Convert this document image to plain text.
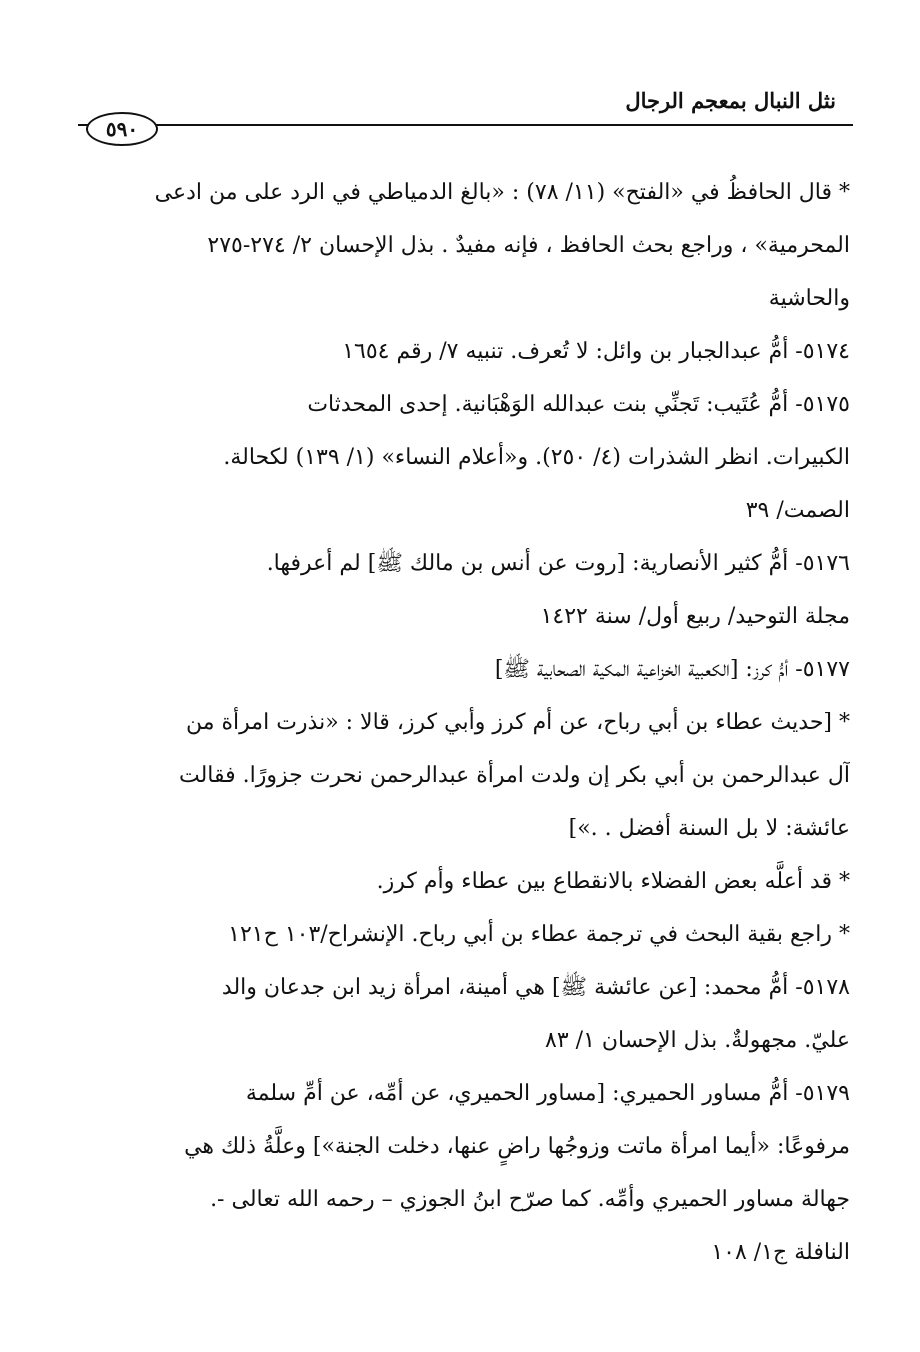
نثل النبال بمعجم الرجال
٥٩٠
* قال الحافظُ في «الفتح» (١١/ ٧٨) : «بالغ الدمياطي في الرد على من ادعى
المحرمية» ، وراجع بحث الحافظ ، فإنه مفيدٌ . بذل الإحسان ٢/ ٢٧٤-٢٧٥
والحاشية
٥١٧٤- أمُّ عبدالجبار بن وائل: لا تُعرف. تنبيه ٧/ رقم ١٦٥٤
٥١٧٥- أمُّ عُتَيب: تَجنِّي بنت عبدالله الوَهْبَانية. إحدى المحدثات
الكبيرات. انظر الشذرات (٤/ ٢٥٠). و«أعلام النساء» (١/ ١٣٩) لكحالة.
الصمت/ ٣٩
٥١٧٦- أمُّ كثير الأنصارية: [روت عن أنس بن مالك ﷺ] لم أعرفها.
مجلة التوحيد/ ربيع أول/ سنة ١٤٢٢
٥١٧٧- أمُّ كرز: [الكعبية الخزاعية المكية الصحابية ﷺ]
* [حديث عطاء بن أبي رباح، عن أم كرز وأبي كرز، قالا : «نذرت امرأة من
آل عبدالرحمن بن أبي بكر إن ولدت امرأة عبدالرحمن نحرت جزورًا. فقالت
عائشة: لا بل السنة أفضل . .»]
* قد أعلَّه بعض الفضلاء بالانقطاع بين عطاء وأم كرز.
* راجع بقية البحث في ترجمة عطاء بن أبي رباح. الإنشراح/١٠٣ ح١٢١
٥١٧٨- أمُّ محمد: [عن عائشة ﷺ] هي أمينة، امرأة زيد ابن جدعان والد
عليّ. مجهولةٌ. بذل الإحسان ١/ ٨٣
٥١٧٩- أمُّ مساور الحميري: [مساور الحميري، عن أمِّه، عن أمِّ سلمة
مرفوعًا: «أيما امرأة ماتت وزوجُها راضٍ عنها، دخلت الجنة»] وعلَّةُ ذلك هي
جهالة مساور الحميري وأمِّه. كما صرّح ابنُ الجوزي – رحمه الله تعالى -.
النافلة ج١/ ١٠٨
